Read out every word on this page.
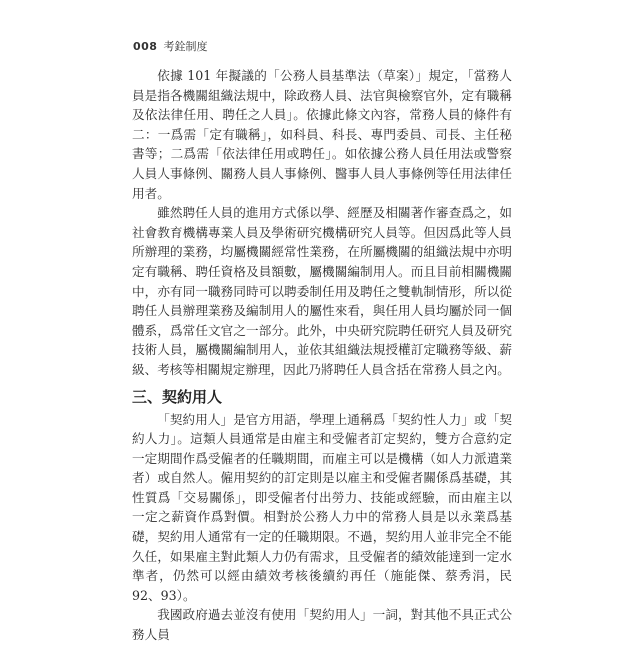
008 考銓制度

依據 101 年擬議的「公務人員基準法（草案）」規定，「當務人員是指各機關組織法規中，除政務人員、法官與檢察官外，定有職稱及依法律任用、聘任之人員」。依據此條文內容，常務人員的條件有二：一爲需「定有職稱」，如科員、科長、專門委員、司長、主任秘書等；二爲需「依法律任用或聘任」。如依據公務人員任用法或警察人員人事條例、關務人員人事條例、醫事人員人事條例等任用法律任用者。

雖然聘任人員的進用方式係以學、經歷及相關著作審查爲之，如社會教育機構專業人員及學術研究機構研究人員等。但因爲此等人員所辦理的業務，均屬機關經常性業務，在所屬機關的組織法規中亦明定有職稱、聘任資格及員額數，屬機關編制用人。而且目前相關機關中，亦有同一職務同時可以聘委制任用及聘任之雙軌制情形，所以從聘任人員辦理業務及編制用人的屬性來看，與任用人員均屬於同一個體系，爲常任文官之一部分。此外，中央研究院聘任研究人員及研究技術人員，屬機關編制用人，並依其組織法規授權訂定職務等級、薪級、考核等相關規定辦理，因此乃將聘任人員含括在常務人員之內。

三、契約用人

「契約用人」是官方用語，學理上通稱爲「契約性人力」或「契約人力」。這類人員通常是由雇主和受僱者訂定契約，雙方合意約定一定期間作爲受僱者的任職期間，而雇主可以是機構（如人力派遣業者）或自然人。僱用契約的訂定則是以雇主和受僱者關係爲基礎，其性質爲「交易關係」，即受僱者付出勞力、技能或經驗，而由雇主以一定之薪資作爲對價。相對於公務人力中的常務人員是以永業爲基礎，契約用人通常有一定的任職期限。不過，契約用人並非完全不能久任，如果雇主對此類人力仍有需求，且受僱者的績效能達到一定水準者，仍然可以經由績效考核後續約再任（施能傑、蔡秀涓，民 92、93）。

我國政府過去並沒有使用「契約用人」一詞，對其他不具正式公務人員
